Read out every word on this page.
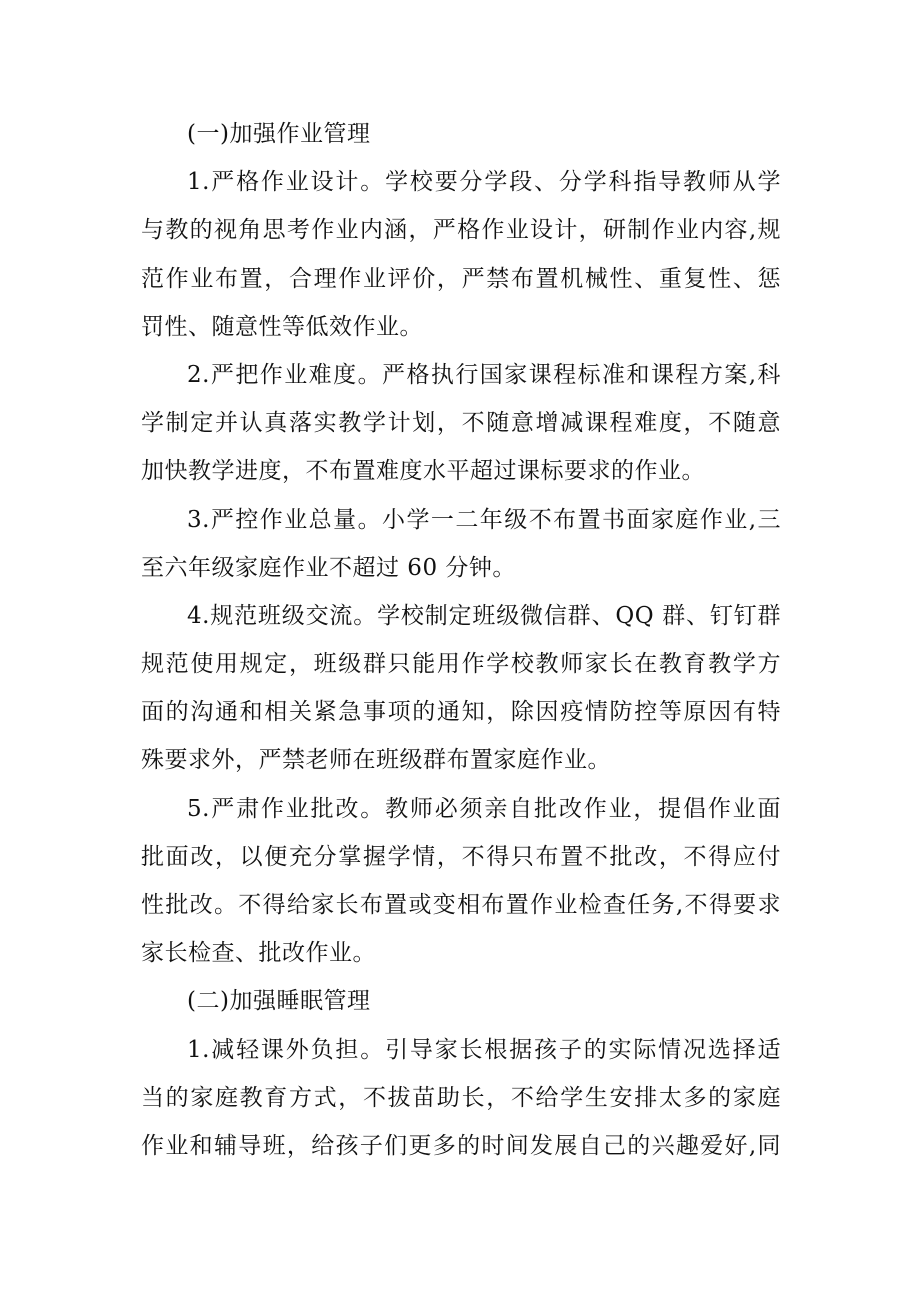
(一)加强作业管理
1.严格作业设计。学校要分学段、分学科指导教师从学
与教的视角思考作业内涵，严格作业设计，研制作业内容,规
范作业布置，合理作业评价，严禁布置机械性、重复性、惩
罚性、随意性等低效作业。
2.严把作业难度。严格执行国家课程标准和课程方案,科
学制定并认真落实教学计划，不随意增减课程难度，不随意
加快教学进度，不布置难度水平超过课标要求的作业。
3.严控作业总量。小学一二年级不布置书面家庭作业,三
至六年级家庭作业不超过 60 分钟。
4.规范班级交流。学校制定班级微信群、QQ 群、钉钉群
规范使用规定，班级群只能用作学校教师家长在教育教学方
面的沟通和相关紧急事项的通知，除因疫情防控等原因有特
殊要求外，严禁老师在班级群布置家庭作业。
5.严肃作业批改。教师必须亲自批改作业，提倡作业面
批面改，以便充分掌握学情，不得只布置不批改，不得应付
性批改。不得给家长布置或变相布置作业检查任务,不得要求
家长检查、批改作业。
(二)加强睡眠管理
1.减轻课外负担。引导家长根据孩子的实际情况选择适
当的家庭教育方式，不拔苗助长，不给学生安排太多的家庭
作业和辅导班，给孩子们更多的时间发展自己的兴趣爱好,同
